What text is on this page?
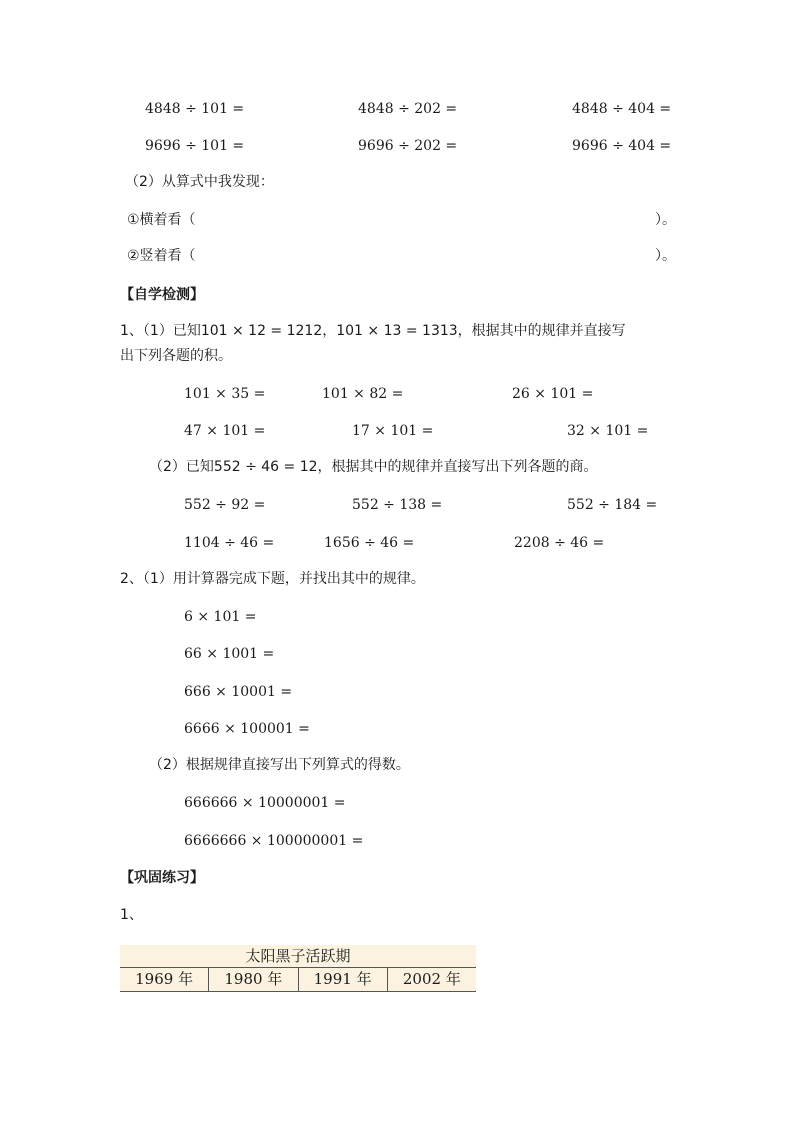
4848 ÷ 101 =	4848 ÷ 202 =	4848 ÷ 404 =
9696 ÷ 101 =	9696 ÷ 202 =	9696 ÷ 404 =
（2）从算式中我发现：
①横着看（	）。
②竖着看（	）。
【自学检测】
1、（1）已知101 × 12 = 1212，101 × 13 = 1313，根据其中的规律并直接写
出下列各题的积。
101 × 35 =	101 × 82 =	26 × 101 =
47 × 101 =	17 × 101 =	32 × 101 =
（2）已知552 ÷ 46 = 12，根据其中的规律并直接写出下列各题的商。
552 ÷ 92 =	552 ÷ 138 =	552 ÷ 184 =
1104 ÷ 46 =	1656 ÷ 46 =	2208 ÷ 46 =
2、（1）用计算器完成下题，并找出其中的规律。
6 × 101 =
66 × 1001 =
666 × 10001 =
6666 × 100001 =
（2）根据规律直接写出下列算式的得数。
666666 × 10000001 =
6666666 × 100000001 =
【巩固练习】
1、
太阳黑子活跃期
1969 年	1980 年	1991 年	2002 年
